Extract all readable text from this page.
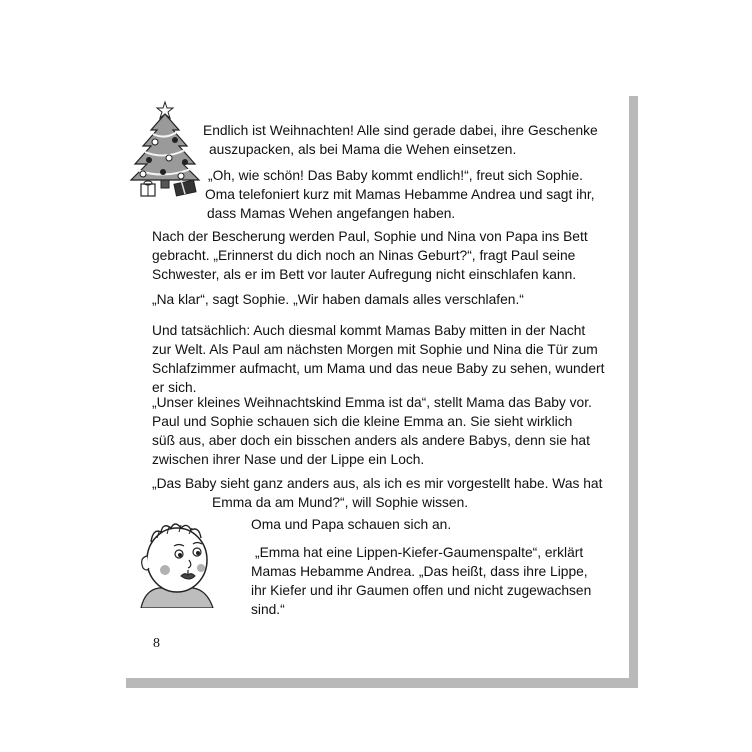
Endlich ist Weihnachten! Alle sind gerade dabei, ihre Geschenke
auszupacken, als bei Mama die Wehen einsetzen.
„Oh, wie schön! Das Baby kommt endlich!“, freut sich Sophie.
Oma telefoniert kurz mit Mamas Hebamme Andrea und sagt ihr,
dass Mamas Wehen angefangen haben.
Nach der Bescherung werden Paul, Sophie und Nina von Papa ins Bett
gebracht. „Erinnerst du dich noch an Ninas Geburt?“, fragt Paul seine
Schwester, als er im Bett vor lauter Aufregung nicht einschlafen kann.
„Na klar“, sagt Sophie. „Wir haben damals alles verschlafen.“
Und tatsächlich: Auch diesmal kommt Mamas Baby mitten in der Nacht
zur Welt. Als Paul am nächsten Morgen mit Sophie und Nina die Tür zum
Schlafzimmer aufmacht, um Mama und das neue Baby zu sehen, wundert
er sich.
„Unser kleines Weihnachtskind Emma ist da“, stellt Mama das Baby vor.
Paul und Sophie schauen sich die kleine Emma an. Sie sieht wirklich
süß aus, aber doch ein bisschen anders als andere Babys, denn sie hat
zwischen ihrer Nase und der Lippe ein Loch.
„Das Baby sieht ganz anders aus, als ich es mir vorgestellt habe. Was hat
Emma da am Mund?“, will Sophie wissen.
Oma und Papa schauen sich an.
„Emma hat eine Lippen-Kiefer-Gaumenspalte“, erklärt
Mamas Hebamme Andrea. „Das heißt, dass ihre Lippe,
ihr Kiefer und ihr Gaumen offen und nicht zugewachsen
sind.“
8
